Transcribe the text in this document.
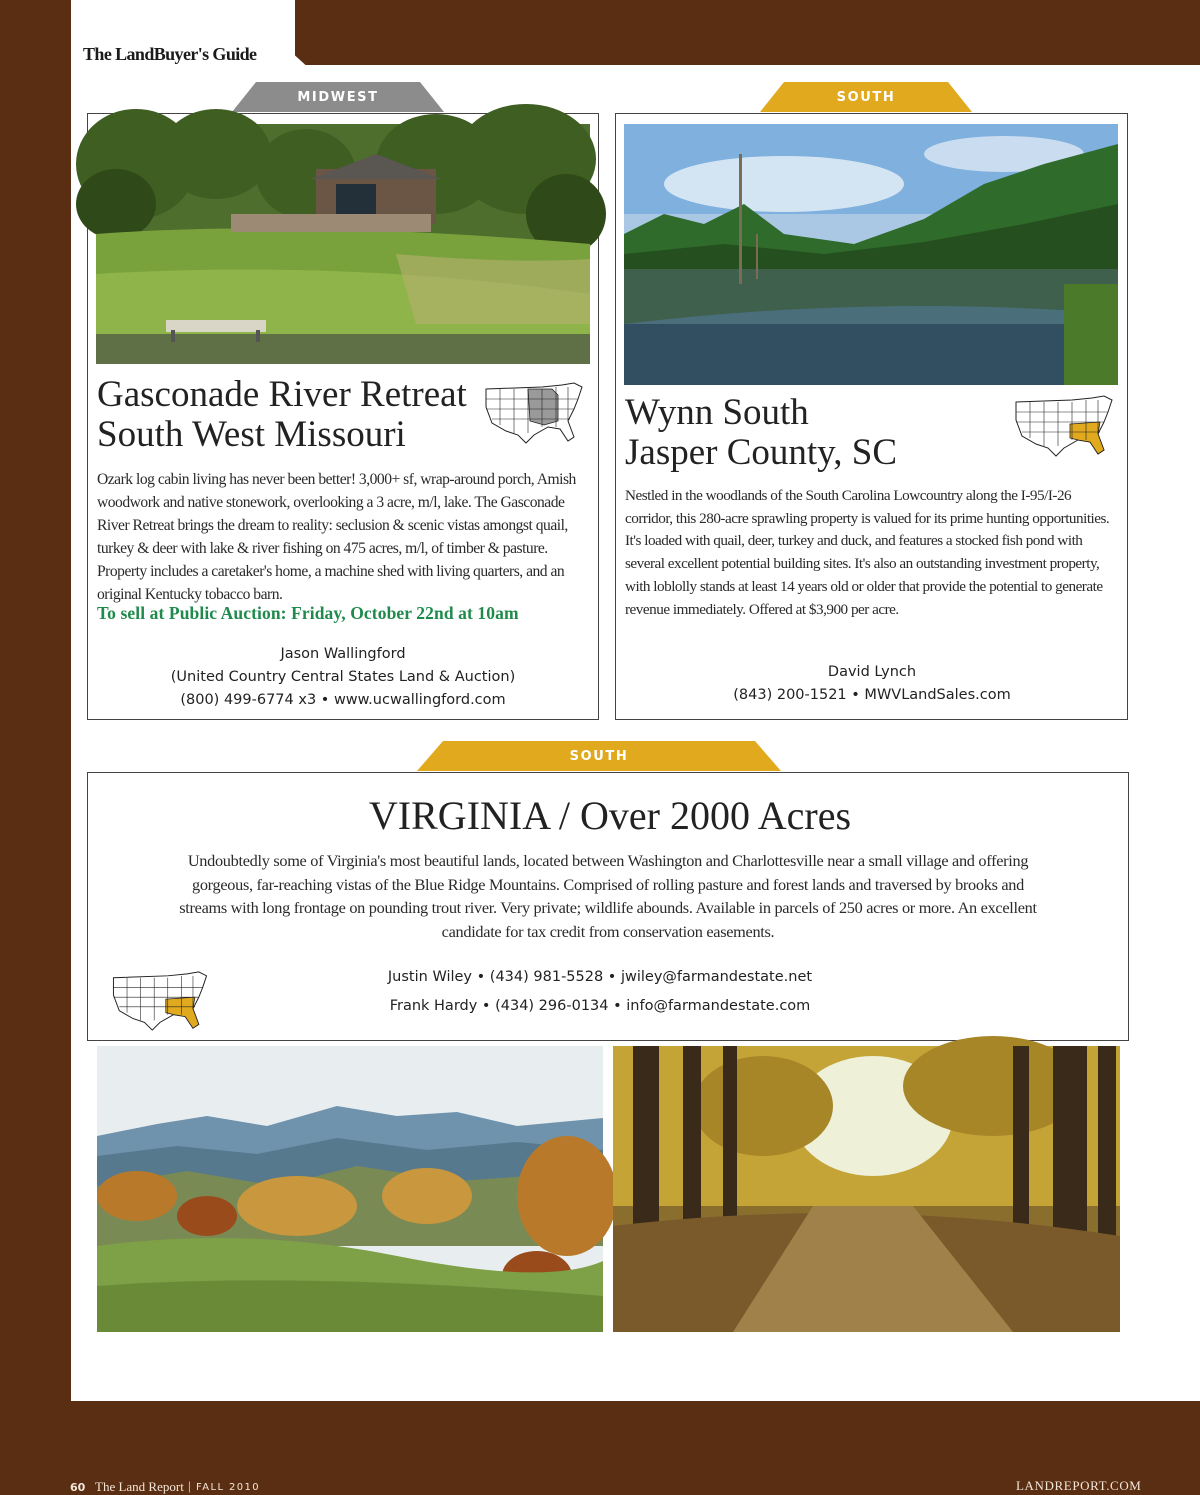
The LandBuyer's Guide
MIDWEST
Gasconade River Retreat
South West Missouri
Ozark log cabin living has never been better! 3,000+ sf, wrap-around porch, Amish woodwork and native stonework, overlooking a 3 acre, m/l, lake. The Gasconade River Retreat brings the dream to reality: seclusion & scenic vistas amongst quail, turkey & deer with lake & river fishing on 475 acres, m/l, of timber & pasture. Property includes a caretaker's home, a machine shed with living quarters, and an original Kentucky tobacco barn.
To sell at Public Auction: Friday, October 22nd at 10am
Jason Wallingford
(United Country Central States Land & Auction)
(800) 499-6774 x3 • www.ucwallingford.com
SOUTH
Wynn South
Jasper County, SC
Nestled in the woodlands of the South Carolina Lowcountry along the I-95/I-26 corridor, this 280-acre sprawling property is valued for its prime hunting opportunities. It's loaded with quail, deer, turkey and duck, and features a stocked fish pond with several excellent potential building sites. It's also an outstanding investment property, with loblolly stands at least 14 years old or older that provide the potential to generate revenue immediately. Offered at $3,900 per acre.
David Lynch
(843) 200-1521 • MWVLandSales.com
SOUTH
VIRGINIA / Over 2000 Acres
Undoubtedly some of Virginia's most beautiful lands, located between Washington and Charlottesville near a small village and offering gorgeous, far-reaching vistas of the Blue Ridge Mountains. Comprised of rolling pasture and forest lands and traversed by brooks and streams with long frontage on pounding trout river. Very private; wildlife abounds. Available in parcels of 250 acres or more. An excellent candidate for tax credit from conservation easements.
Justin Wiley • (434) 981-5528 • jwiley@farmandestate.net
Frank Hardy • (434) 296-0134 • info@farmandestate.com
60 The Land Report | FALL 2010	LANDREPORT.COM
